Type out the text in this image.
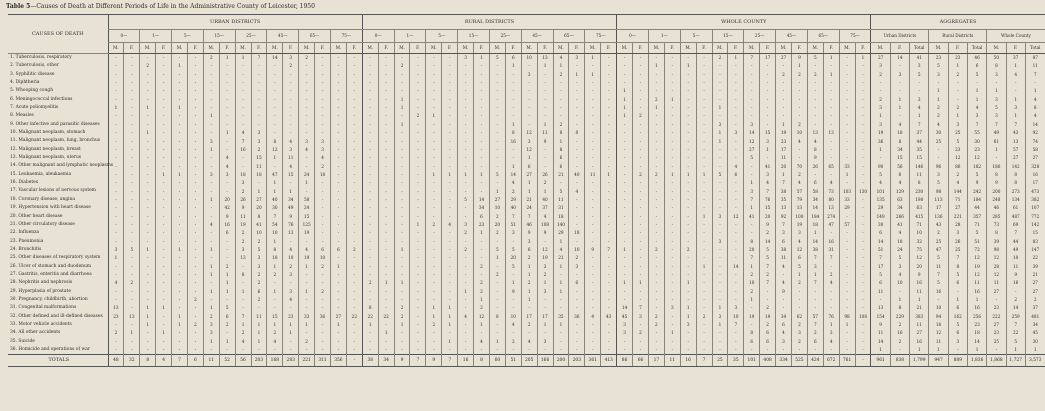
Table 5—Causes of Death at Different Periods of Life in the Administrative County of Leicester, 1950
CAUSES OF DEATH	URBAN DISTRICTS																RURAL DISTRICTS																WHOLE COUNTY																AGGREGATES								
	0—		1—		5—		15—		25—		45—		65—		75—		0—		1—		5—		15—		25—		45—		65—		75—		0—		1—		5—		15—		25—		45—		65—		75—		Urban Districts			Rural Districts			Whole County		
	M.	F.	M.	F.	M.	F.	M.	F.	M.	F.	M.	F.	M.	F.	M.	F.	M.	F.	M.	F.	M.	F.	M.	F.	M.	F.	M.	F.	M.	F.	M.	F.	M.	F.	M.	F.	M.	F.	M.	F.	M.	F.	M.	F.	M.	F.	M.	F.	M.	F.	Total	M.	F.	Total	M.	F.	Total
1. Tuberculosis, respiratory	-	-	-	-	-	-	2	1	1	7	14	3	2	-	-	-	-	-	-	-	-	-	3	1	5	6	10	13	4	3	1	-	-	-	-	-	-	-	2	1	7	17	27	9	5	1	-	1	27	14	41	23	23	46	50	37	87
2. Tuberculosis, other	-	-	2	-	1	-	-	-	-	-	-	2	-	-	-	-	-	-	2	-	-	-	-	-	-	1	-	1	1	-	-	-	-	-	1	-	1	-	-	-	-	-	-	1	-	-	-	-	3	-	3	5	1	6	8	1	11
3. Syphilitic disease	-	-	-	-	-	-	-	-	-	-	-	-	-	-	-	-	-	-	-	-	-	-	-	-	-	-	3	-	2	1	1	-	-	-	-	-	-	-	-	-	-	-	2	2	2	1	-	-	2	3	5	3	2	5	3	4	7
4. Diphtheria	-	-	-	-	-	-	-	-	-	-	-	-	-	-	-	-	-	-	-	-	-	-	-	-	-	-	-	-	-	-	-	-	-	-	-	-	-	-	-	-	-	-	-	-	-	-	-	-	-	-	-	-	-	-	-	-	-
5. Whooping cough	-	-	-	-	-	-	-	-	-	-	-	-	-	-	-	-	-	-	-	-	-	-	-	-	-	-	-	-	-	-	-	-	1	-	-	-	-	-	-	-	-	-	-	-	-	-	-	-	-	-	-	1	-	1	1	-	1
6. Meningococcal infections	-	-	-	-	-	-	-	-	-	-	-	-	-	-	-	-	-	-	1	-	-	-	-	-	-	-	-	-	-	-	-	-	1	-	2	1	-	-	-	-	-	-	-	-	-	-	-	-	2	1	3	1	-	1	3	1	4
7. Acute poliomyelitis	1	-	1	-	1	-	-	-	-	-	-	-	-	-	-	-	-	-	1	-	-	-	-	-	-	-	-	-	-	-	-	-	1	-	1	-	-	-	1	-	-	-	-	-	-	-	-	-	3	1	4	2	2	4	5	3	8
8. Measles	-	-	-	-	-	-	1	-	-	-	-	-	-	-	-	-	-	-	-	2	1	-	-	-	-	-	-	-	-	-	-	-	1	2	-	-	-	-	-	-	-	-	-	-	-	-	-	-	1	-	1	2	1	3	3	1	4
9. Other infective and parasitic diseases	-	-	-	-	-	-	-	-	-	-	-	-	-	-	-	-	-	-	1	-	-	-	-	-	-	1	-	1	2	-	-	-	-	-	-	-	-	-	3	-	3	-	1	2	-	-	-	-	3	4	7	4	3	7	7	7	14
10. Malignant neoplasm, stomach	-	-	1	-	-	-	-	1	4	3	-	-	-	-	-	-	-	-	-	-	-	-	-	-	-	8	12	11	8	8	-	-	-	-	-	-	-	-	1	3	14	15	19	10	13	13	-	-	19	18	37	30	25	55	49	43	92
11. Malignant neoplasm, lung, bronchus	-	-	-	-	-	-	3	-	7	3	8	4	3	3	-	-	-	-	-	-	-	-	-	-	-	16	3	9	1	-	-	-	-	-	-	-	-	-	1	-	12	3	23	4	4	-	-	-	36	8	44	25	5	30	61	13	74
12. Malignant neoplasm, breast	-	-	-	-	-	-	1	-	16	2	12	3	4	3	-	-	-	-	-	-	-	-	-	-	-	-	12	-	8	-	-	-	-	-	-	-	-	-	-	-	27	1	17	-	8	-	-	-	1	34	35	-	23	23	1	57	58
13. Malignant neoplasm, uterus	-	-	-	-	-	-	-	4	-	15	1	11	-	4	-	-	-	-	-	-	-	-	-	-	-	-	1	-	6	-	-	-	-	-	-	-	-	-	-	-	5	-	11	-	9	-	-	-	-	15	15	-	12	12	-	27	27
14. Other malignant and lymphatic neoplasms	-	-	-	-	-	-	-	4	-	11	-	4	-	2	-	-	-	-	-	-	-	-	-	-	-	1	6	-	6	-	-	-	-	-	-	-	-	-	-	4	-	41	20	70	26	65	33	-	90	56	146	96	86	182	186	142	328
15. Leukaemia, aleukaemia	-	-	-	1	1	-	3	3	18	18	47	15	24	18	-	-	-	-	-	-	1	1	1	1	5	14	27	26	21	40	11	1	-	2	2	1	1	1	5	6	-	3	1	2	-	-	1	-	5	6	11	3	2	5	8	8	16
16. Diabetes	-	-	-	-	-	-	-	-	3	-	1	-	1	-	-	-	-	-	-	-	-	-	-	-	-	4	1	2	-	-	-	-	-	-	-	-	-	-	-	-	1	4	7	4	6	4	-	-	4	4	8	5	4	9	9	8	17
17. Vascular lesions of nervous system	-	-	-	-	-	-	-	-	2	1	1	1	-	-	-	-	-	-	-	-	-	-	-	-	1	2	1	1	5	4	-	-	-	-	-	-	-	-	-	-	3	7	38	57	58	73	103	130	101	129	230	98	144	242	200	273	473
18. Coronary disease, angina	-	-	-	-	-	-	1	20	26	27	40	34	58	-	-	-	-	-	-	-	-	-	5	14	27	29	21	40	11	-	-	-	-	-	-	-	-	-	-	-	7	76	35	79	34	80	33	-	135	63	198	113	71	184	248	134	382
19. Hypertension with heart disease	-	-	-	-	-	-	-	42	9	20	30	49	24	-	-	-	-	-	-	-	-	-	-	34	10	40	24	37	31	-	-	-	-	-	-	-	-	-	-	-	1	15	13	13	14	13	29	-	29	34	63	17	27	44	46	61	107
20. Other heart disease	-	-	-	-	-	-	-	9	11	8	7	9	15	-	-	-	-	-	-	-	-	-	-	6	2	7	7	4	18	-	-	-	-	-	-	-	-	1	3	12	41	20	92	100	184	274	-	-	149	266	415	136	221	357	285	487	772
21. Other circulatory disease	-	-	-	-	-	-	4	16	19	41	54	76	125	-	-	-	-	-	-	1	2	4	3	23	20	51	46	108	140	-	-	-	-	-	-	-	-	-	-	-	-	9	7	19	18	47	57	-	30	41	71	43	28	71	73	69	142
22. Influenza	-	-	-	-	-	-	-	6	2	10	10	13	19	-	-	-	-	-	-	-	-	-	2	1	2	3	9	9	29	18	-	-	-	-	-	-	-	-	-	-	-	2	3	3	1	-	-	-	6	4	10	2	3	5	8	7	15
23. Pneumonia	-	-	-	-	-	-	-	-	2	2	1	-	-	-	-	-	-	-	-	-	-	-	-	-	-	-	3	-	1	-	-	-	-	-	-	-	-	-	3	-	8	14	6	4	14	16	-	-	14	18	32	25	26	51	39	44	83
24. Bronchitis	3	5	1	-	1	-	1	-	3	5	8	4	4	6	6	2	-	-	1	-	-	-	2	-	5	5	6	12	4	10	9	7	1	-	2	-	2	-	-	-	20	5	38	12	38	31	-	-	51	24	75	47	25	72	98	49	147
25. Other diseases of respiratory system	1	-	-	-	-	-	-	-	13	3	18	10	19	10	-	-	-	-	-	-	-	-	-	-	1	20	2	19	21	2	-	-	-	-	-	-	-	-	-	-	7	5	11	6	7	7	-	-	7	5	12	5	7	12	12	10	22
26. Ulcer of stomach and duodenum	-	-	-	-	-	-	1	2	-	3	1	2	1	2	1	-	-	-	-	-	-	-	-	2	-	5	1	3	1	3	-	-	-	-	-	-	-	1	-	14	1	7	4	5	3	-	-	-	17	3	20	11	8	19	28	11	39
27. Gastritis, enteritis and diarrhoea	-	-	-	-	-	-	1	1	8	2	2	3	-	-	-	-	-	-	-	-	-	-	-	-	2	-	1	2	-	-	-	-	-	-	-	-	-	-	-	-	2	2	-	1	1	2	-	-	5	4	9	7	5	12	12	9	21
28. Nephritis and nephrosis	4	2	-	-	-	-	-	1	-	2	-	-	-	-	-	-	2	1	1	-	-	-	-	2	-	1	2	1	1	6	-	-	1	1	-	-	1	-	-	-	10	7	4	2	7	4	-	-	6	10	16	5	6	11	11	16	27
29. Hyperplasia of prostate	-	-	-	-	-	-	1	1	1	6	1	3	1	2	-	-	-	-	-	-	-	-	1	2	-	9	1	3	1	-	-	-	-	-	-	-	-	-	-	-	2	-	9	-	-	-	-	-	11	-	11	16	-	16	27	-	27
30. Pregnancy, childbirth, abortion	-	-	-	-	-	2	-	-	-	2	-	4	-	-	-	-	-	-	-	-	-	-	-	1	-	-	1	-	-	-	-	-	-	-	-	-	-	-	-	-	1	-	-	-	-	-	-	-	-	1	1	-	1	1	-	2	2
31. Congenital malformations	13	-	1	1	-	-	1	5	-	-	-	-	-	-	-	-	8	-	2	-	1	1	-	2	-	-	-	-	-	-	-	-	14	7	-	3	1	-	1	3	-	2	-	-	-	-	-	-	13	8	21	10	6	16	23	14	37
32. Other defined and ill-defined diseases	23	13	1	-	1	-	2	6	7	11	15	23	33	36	27	22	22	22	2	-	1	1	4	12	8	10	17	17	35	36	4	43	45	3	2	-	1	2	3	10	19	19	34	62	57	76	98	108	154	229	383	94	162	256	222	259	481
33. Motor vehicle accidents	-	-	1	-	1	2	3	2	1	1	1	1	1	-	1	-	1	-	1	-	2	1	-	1	-	4	2	1	1	-	-	-	3	-	2	-	3	-	1	7	-	2	6	2	7	1	1	-	9	2	11	18	5	23	27	7	34
34. All other accidents	2	1	-	1	-	-	3	-	2	1	2	1	-	-	-	-	-	1	-	-	-	-	-	-	-	-	-	-	-	-	-	-	3	2	-	1	-	-	-	-	8	6	4	3	2	3	-	-	11	16	27	12	6	18	23	22	45
35. Suicide	-	-	-	-	-	-	1	1	4	1	4	-	2	-	-	-	-	-	-	-	-	1	-	4	1	2	4	3	-	-	-	-	-	-	-	-	-	-	-	-	6	6	3	2	6	4	-	-	14	2	16	11	3	14	25	5	30
36. Homicide and operations of war	-	-	-	-	-	-	-	-	-	-	-	-	-	-	-	-	-	-	-	-	-	-	-	-	-	-	-	-	-	-	-	-	-	-	-	-	-	-	-	-	-	-	-	-	-	-	-	-	1	-	1	1	-	1	-	1	1
TOTALS	48	32	8	4	7	6	11	52	56	203	168	283	221	311	356	-	38	34	9	7	9	7	16	8	60	51	205	166	200	203	361	413	86	66	17	11	16	7	25	35	101	408	334	525	424	672	761	-	961	838	1,799	947	889	1,836	1,868	1,727	3,573
